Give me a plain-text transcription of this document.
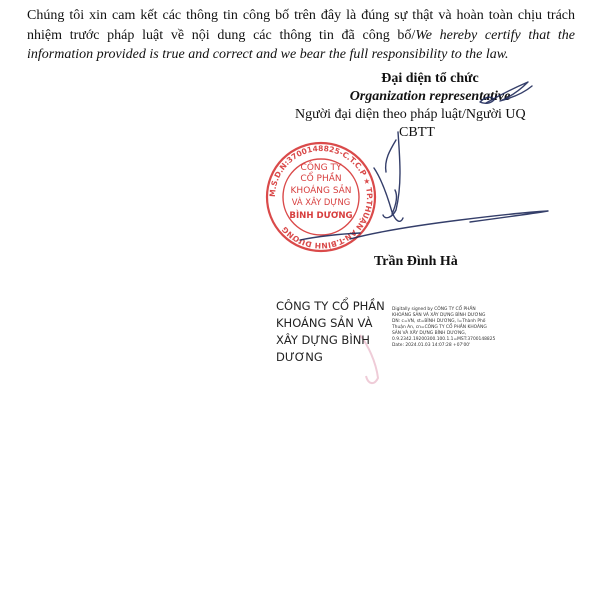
Chúng tôi xin cam kết các thông tin công bố trên đây là đúng sự thật và hoàn toàn chịu trách nhiệm trước pháp luật về nội dung các thông tin đã công bố/We hereby certify that the information provided is true and correct and we bear the full responsibility to the law.
Đại diện tổ chức
Organization representative
Người đại diện theo pháp luật/Người UQ
CBTT
M.S.D.N:3700148825-C.T.C.P ★ TP.THUẬN AN-T.BÌNH DƯƠNG
CÔNG TY
CỔ PHẦN
KHOÁNG SẢN
VÀ XÂY DỰNG
BÌNH DƯƠNG
Trần Đình Hà
CÔNG TY CỔ PHẦN
KHOÁNG SẢN VÀ
XÂY DỰNG BÌNH
DƯƠNG
Digitally signed by CÔNG TY CỔ PHẦN
KHOÁNG SẢN VÀ XÂY DỰNG BÌNH DƯƠNG
DN: c=VN, st=BÌNH DƯƠNG, l=Thành Phố
Thuận An, cn=CÔNG TY CỔ PHẦN KHOÁNG
SẢN VÀ XÂY DỰNG BÌNH DƯƠNG,
0.9.2342.19200300.100.1.1=MST:3700148825
Date: 2024.01.03 14:07:28 +07'00'
